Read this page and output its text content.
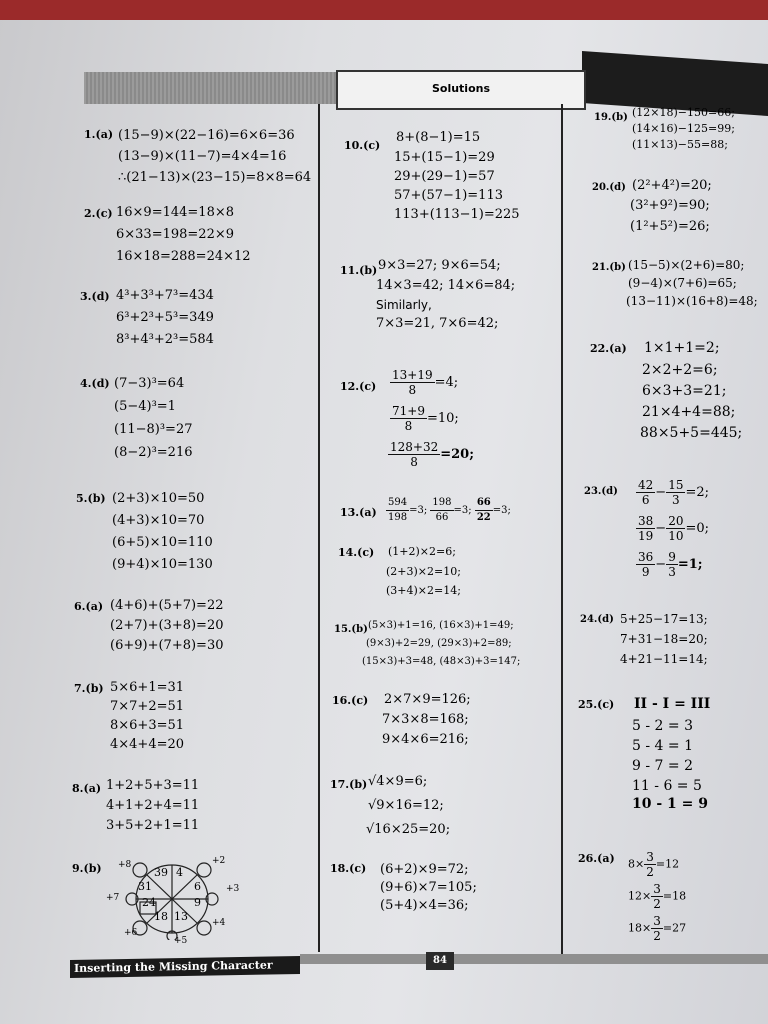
Solutions
1.(a) (15−9)×(22−16)=6×6=36
(13−9)×(11−7)=4×4=16
∴(21−13)×(23−15)=8×8=64
2.(c) 16×9=144=18×8
6×33=198=22×9
16×18=288=24×12
3.(d) 4³+3³+7³=434
6³+2³+5³=349
8³+4³+2³=584
4.(d) (7−3)³=64
(5−4)³=1
(11−8)³=27
(8−2)³=216
5.(b) (2+3)×10=50
(4+3)×10=70
(6+5)×10=110
(9+4)×10=130
6.(a) (4+6)+(5+7)=22
(2+7)+(3+8)=20
(6+9)+(7+8)=30
7.(b) 5×6+1=31
7×7+2=51
8×6+3=51
4×4+4=20
8.(a) 1+2+5+3=11
4+1+2+4=11
3+5+2+1=11
9.(b)	39 4
31	6
24	9
18 13
+8	+2
+7
+3
+6
+4
+5
10.(c)
8+(8−1)=15
15+(15−1)=29
29+(29−1)=57
57+(57−1)=113
113+(113−1)=225
11.(b) 9×3=27; 9×6=54;
14×3=42; 14×6=84;
Similarly,
7×3=21, 7×6=42;
$12.(c) \frac{13+19}{8} =4$;
$\frac{71+9}{8} =10$;
$\frac{128+32}{8} =20$;
$13.(a) \frac{594}{198} =3$; $\frac{198}{66} =3$; $\frac{66}{22} =3$;
14.(c) (1+2)×2=6;
(2+3)×2=10;
(3+4)×2=14;
15.(b) (5×3)+1=16, (16×3)+1=49;
(9×3)+2=29, (29×3)+2=89;
(15×3)+3=48, (48×3)+3=147;
16.(c) 2×7×9=126;
7×3×8=168;
9×4×6=216;
17.(b) √4×9=6;
√9×16=12;
√16×25=20;
18.(c) (6+2)×9=72;
(9+6)×7=105;
(5+4)×4=36;
19.(b) (12×18)−150=66;
(14×16)−125=99;
(11×13)−55=88;
20.(d) (2²+4²)=20;
(3²+9²)=90;
(1²+5²)=26;
21.(b) (15−5)×(2+6)=80;
(9−4)×(7+6)=65;
(13−11)×(16+8)=48;
22.(a) 1×1+1=2;
2×2+2=6;
6×3+3=21;
21×4+4=88;
88×5+5=445;
$23.(d) \frac{42}{6} - \frac{15}{3} =2$;
$\frac{38}{19} - \frac{20}{10} =0$;
$\frac{36}{9} - \frac{9}{3} =1$;
24.(d) 5+25−17=13;
7+31−18=20;
4+21−11=14;
25.(c) II - I = III
5 - 2 = 3
5 - 4 = 1
9 - 7 = 2
11 - 6 = 5
10 - 1 = 9
26.(a) $8\times \frac{3}{2} =12$
$12\times \frac{3}{2} =18$
$18\times \frac{3}{2} =27$
Inserting the Missing Character	84
